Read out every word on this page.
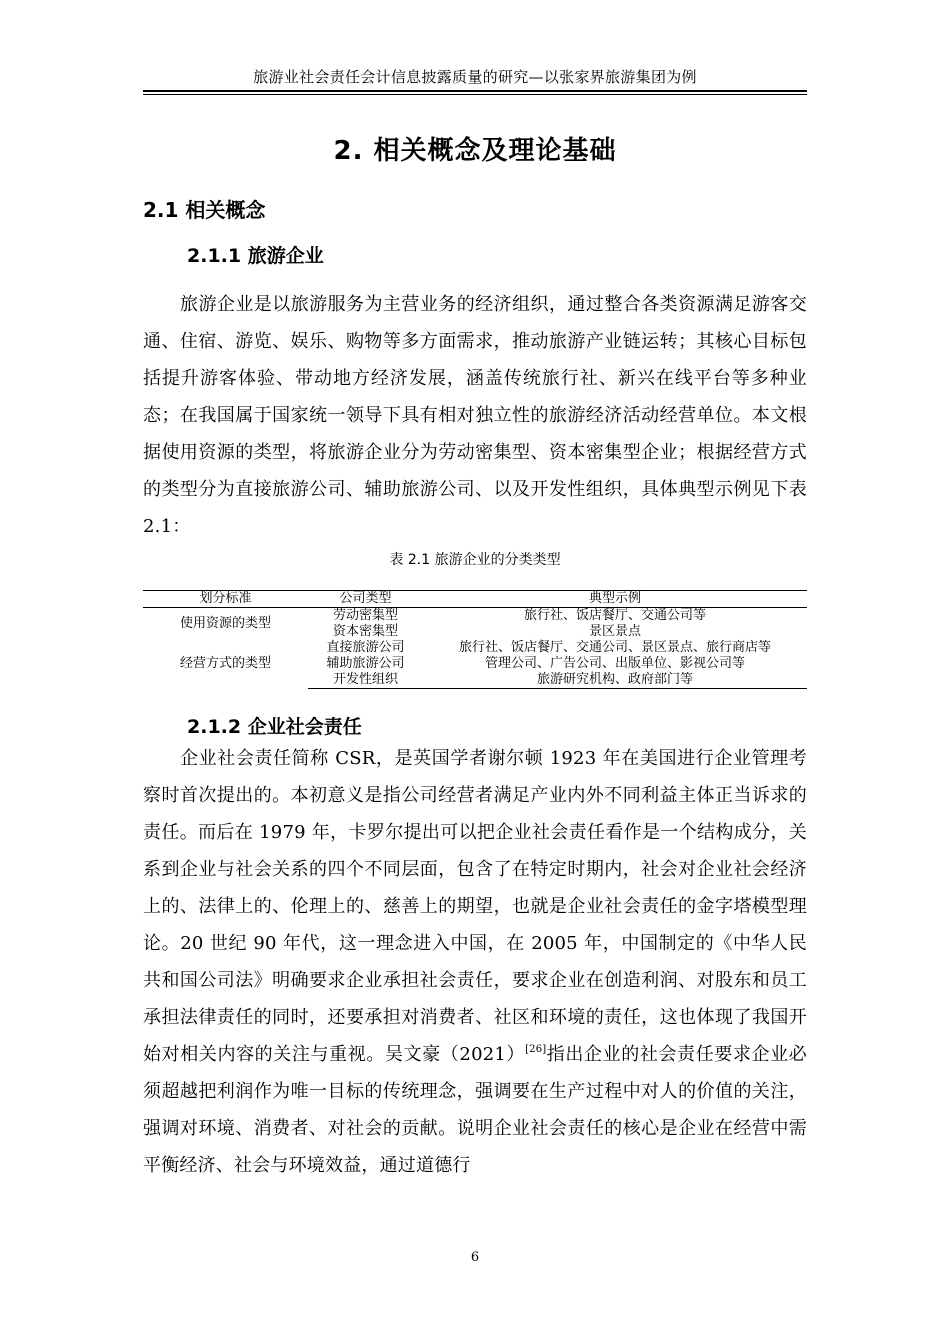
旅游业社会责任会计信息披露质量的研究—以张家界旅游集团为例
2. 相关概念及理论基础
2.1 相关概念
2.1.1 旅游企业

旅游企业是以旅游服务为主营业务的经济组织，通过整合各类资源满足游客交通、住宿、游览、娱乐、购物等多方面需求，推动旅游产业链运转；其核心目标包括提升游客体验、带动地方经济发展，涵盖传统旅行社、新兴在线平台等多种业态；在我国属于国家统一领导下具有相对独立性的旅游经济活动经营单位。本文根据使用资源的类型，将旅游企业分为劳动密集型、资本密集型企业；根据经营方式的类型分为直接旅游公司、辅助旅游公司、以及开发性组织，具体典型示例见下表 2.1：

表 2.1 旅游企业的分类类型
划分标准	公司类型	典型示例
使用资源的类型	劳动密集型	旅行社、饭店餐厅、交通公司等
	资本密集型	景区景点
经营方式的类型	直接旅游公司	旅行社、饭店餐厅、交通公司、景区景点、旅行商店等
	辅助旅游公司	管理公司、广告公司、出版单位、影视公司等
	开发性组织	旅游研究机构、政府部门等
2.1.2 企业社会责任

企业社会责任简称 CSR，是英国学者谢尔顿 1923 年在美国进行企业管理考察时首次提出的。本初意义是指公司经营者满足产业内外不同利益主体正当诉求的责任。而后在 1979 年，卡罗尔提出可以把企业社会责任看作是一个结构成分，关系到企业与社会关系的四个不同层面，包含了在特定时期内，社会对企业社会经济上的、法律上的、伦理上的、慈善上的期望，也就是企业社会责任的金字塔模型理论。20 世纪 90 年代，这一理念进入中国，在 2005 年，中国制定的《中华人民共和国公司法》明确要求企业承担社会责任，要求企业在创造利润、对股东和员工承担法律责任的同时，还要承担对消费者、社区和环境的责任，这也体现了我国开始对相关内容的关注与重视。吴文豪（2021）[26]指出企业的社会责任要求企业必须超越把利润作为唯一目标的传统理念，强调要在生产过程中对人的价值的关注，强调对环境、消费者、对社会的贡献。说明企业社会责任的核心是企业在经营中需平衡经济、社会与环境效益，通过道德行

6
